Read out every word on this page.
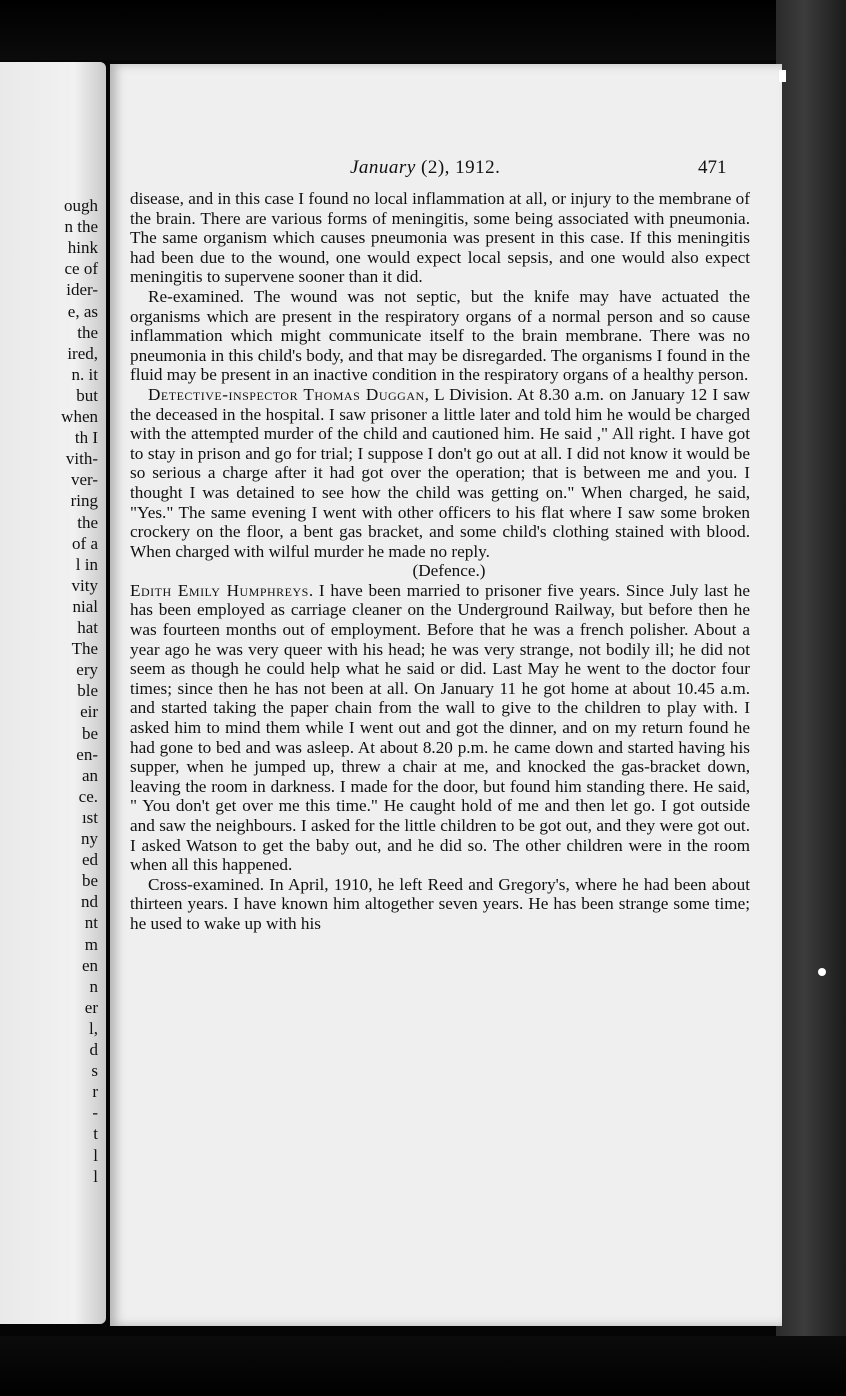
ough
n the
hink
ce of
ider-
e, as
the
ired,
n. it
but
when
th I
vith-
ver-
ring
the
of a
l in
vity
nial
hat
The
ery
ble
eir
be
en-
an
ce.
ıst
ny
ed
be
nd
nt
m
en
n
er
l,
d
s
r
-
t
l
l
January (2), 1912.	471

disease, and in this case I found no local inflammation at all, or injury to the membrane of the brain. There are various forms of meningitis, some being associated with pneumonia. The same organism which causes pneumonia was present in this case. If this meningitis had been due to the wound, one would expect local sepsis, and one would also expect meningitis to supervene sooner than it did.

Re-examined. The wound was not septic, but the knife may have actuated the organisms which are present in the respiratory organs of a normal person and so cause inflammation which might communicate itself to the brain membrane. There was no pneumonia in this child's body, and that may be disregarded. The organisms I found in the fluid may be present in an inactive condition in the respiratory organs of a healthy person.

Detective-inspector Thomas Duggan, L Division. At 8.30 a.m. on January 12 I saw the deceased in the hospital. I saw prisoner a little later and told him he would be charged with the attempted murder of the child and cautioned him. He said ," All right. I have got to stay in prison and go for trial; I suppose I don't go out at all. I did not know it would be so serious a charge after it had got over the operation; that is between me and you. I thought I was detained to see how the child was getting on." When charged, he said, "Yes." The same evening I went with other officers to his flat where I saw some broken crockery on the floor, a bent gas bracket, and some child's clothing stained with blood. When charged with wilful murder he made no reply.

(Defence.)

Edith Emily Humphreys. I have been married to prisoner five years. Since July last he has been employed as carriage cleaner on the Underground Railway, but before then he was fourteen months out of employment. Before that he was a french polisher. About a year ago he was very queer with his head; he was very strange, not bodily ill; he did not seem as though he could help what he said or did. Last May he went to the doctor four times; since then he has not been at all. On January 11 he got home at about 10.45 a.m. and started taking the paper chain from the wall to give to the children to play with. I asked him to mind them while I went out and got the dinner, and on my return found he had gone to bed and was asleep. At about 8.20 p.m. he came down and started having his supper, when he jumped up, threw a chair at me, and knocked the gas-bracket down, leaving the room in darkness. I made for the door, but found him standing there. He said, " You don't get over me this time." He caught hold of me and then let go. I got outside and saw the neighbours. I asked for the little children to be got out, and they were got out. I asked Watson to get the baby out, and he did so. The other children were in the room when all this happened.

Cross-examined. In April, 1910, he left Reed and Gregory's, where he had been about thirteen years. I have known him altogether seven years. He has been strange some time; he used to wake up with his
